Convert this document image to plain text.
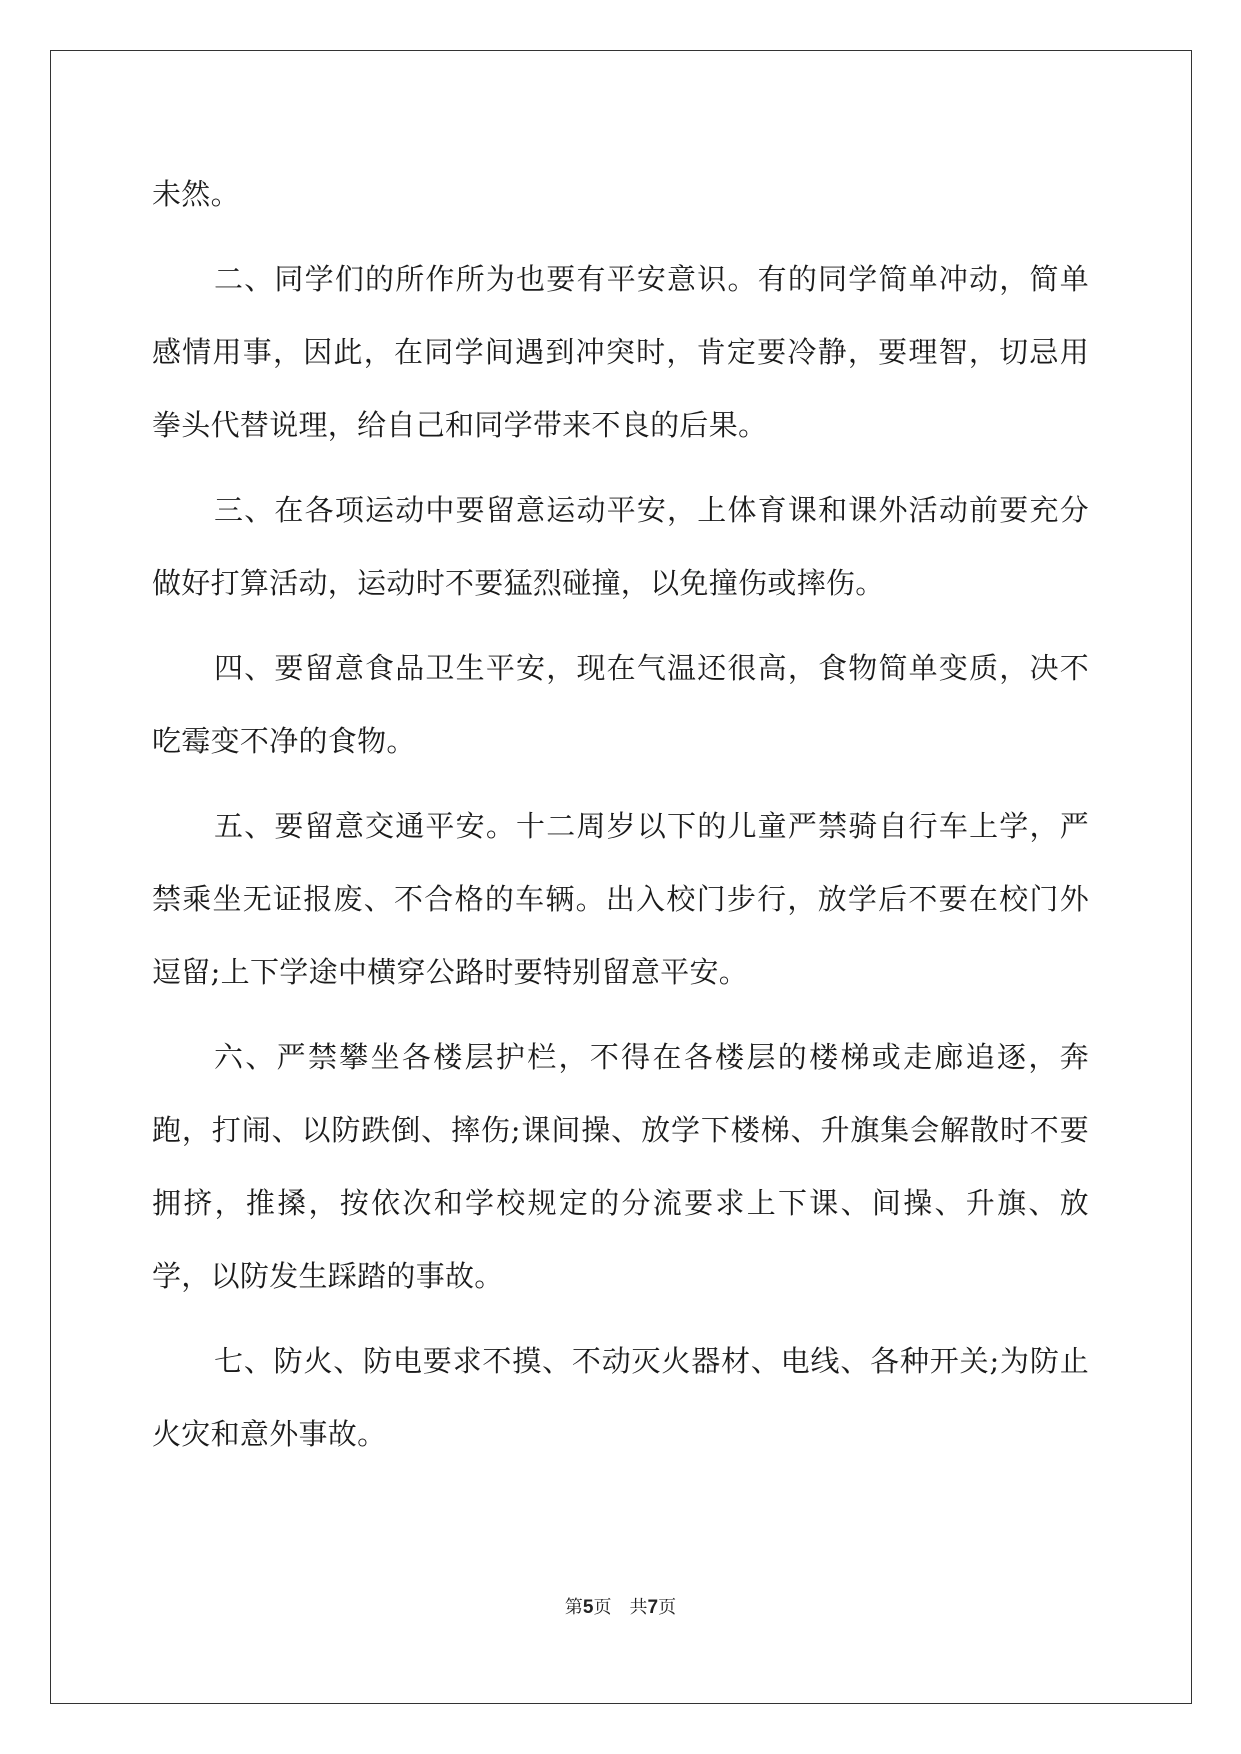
未然。

二、同学们的所作所为也要有平安意识。有的同学简单冲动，简单感情用事，因此，在同学间遇到冲突时，肯定要冷静，要理智，切忌用拳头代替说理，给自己和同学带来不良的后果。

三、在各项运动中要留意运动平安，上体育课和课外活动前要充分做好打算活动，运动时不要猛烈碰撞，以免撞伤或摔伤。

四、要留意食品卫生平安，现在气温还很高，食物简单变质，决不吃霉变不净的食物。

五、要留意交通平安。十二周岁以下的儿童严禁骑自行车上学，严禁乘坐无证报废、不合格的车辆。出入校门步行，放学后不要在校门外逗留;上下学途中横穿公路时要特别留意平安。

六、严禁攀坐各楼层护栏，不得在各楼层的楼梯或走廊追逐，奔跑，打闹、以防跌倒、摔伤;课间操、放学下楼梯、升旗集会解散时不要拥挤，推搡，按依次和学校规定的分流要求上下课、间操、升旗、放学，以防发生踩踏的事故。

七、防火、防电要求不摸、不动灭火器材、电线、各种开关;为防止火灾和意外事故。

第5页 共7页
